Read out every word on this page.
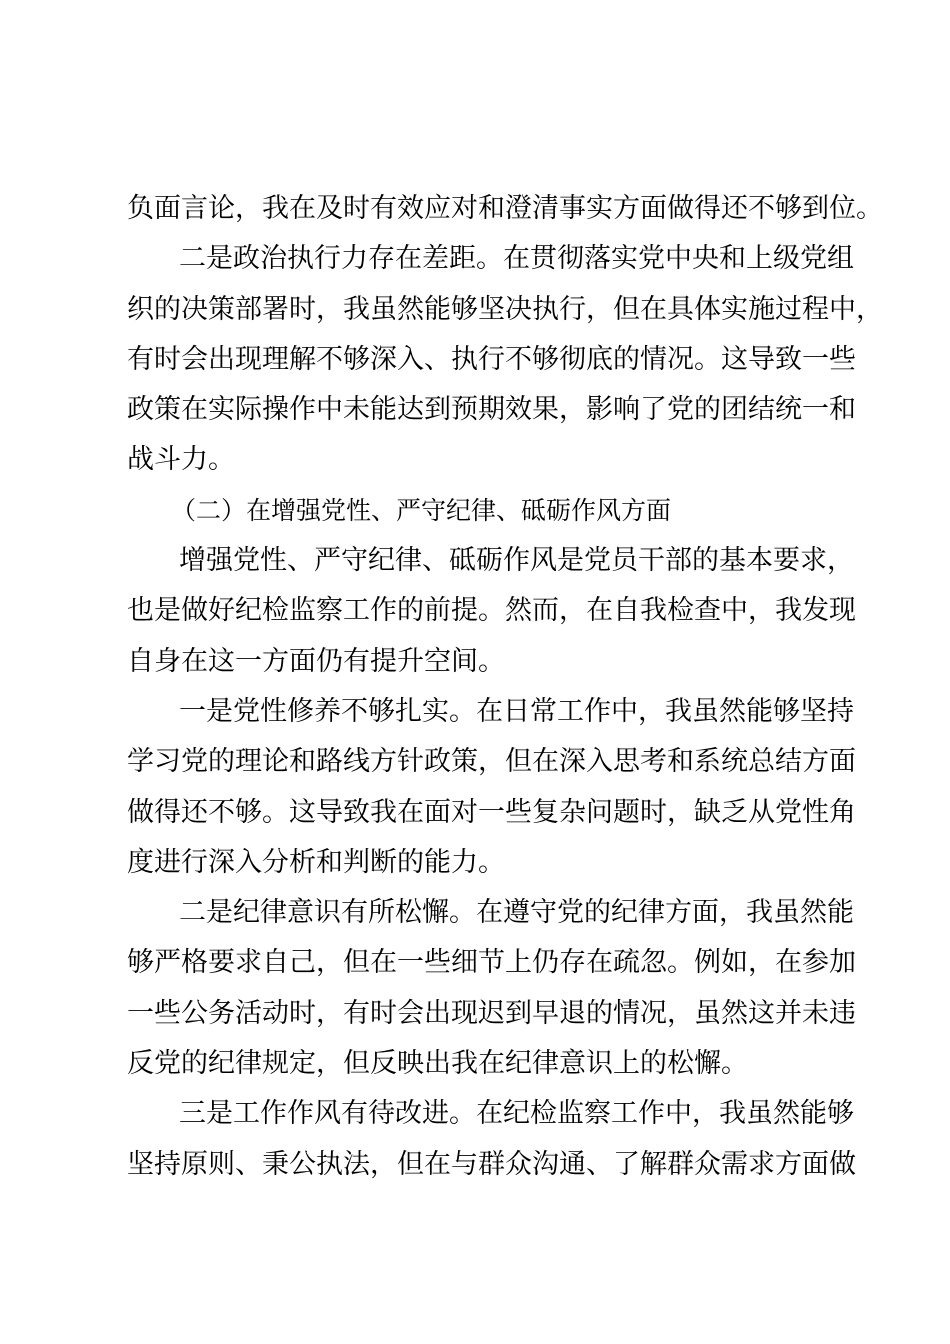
负面言论，我在及时有效应对和澄清事实方面做得还不够到位。
二是政治执行力存在差距。在贯彻落实党中央和上级党组
织的决策部署时，我虽然能够坚决执行，但在具体实施过程中，
有时会出现理解不够深入、执行不够彻底的情况。这导致一些
政策在实际操作中未能达到预期效果，影响了党的团结统一和
战斗力。
（二）在增强党性、严守纪律、砥砺作风方面
增强党性、严守纪律、砥砺作风是党员干部的基本要求，
也是做好纪检监察工作的前提。然而，在自我检查中，我发现
自身在这一方面仍有提升空间。
一是党性修养不够扎实。在日常工作中，我虽然能够坚持
学习党的理论和路线方针政策，但在深入思考和系统总结方面
做得还不够。这导致我在面对一些复杂问题时，缺乏从党性角
度进行深入分析和判断的能力。
二是纪律意识有所松懈。在遵守党的纪律方面，我虽然能
够严格要求自己，但在一些细节上仍存在疏忽。例如，在参加
一些公务活动时，有时会出现迟到早退的情况，虽然这并未违
反党的纪律规定，但反映出我在纪律意识上的松懈。
三是工作作风有待改进。在纪检监察工作中，我虽然能够
坚持原则、秉公执法，但在与群众沟通、了解群众需求方面做
